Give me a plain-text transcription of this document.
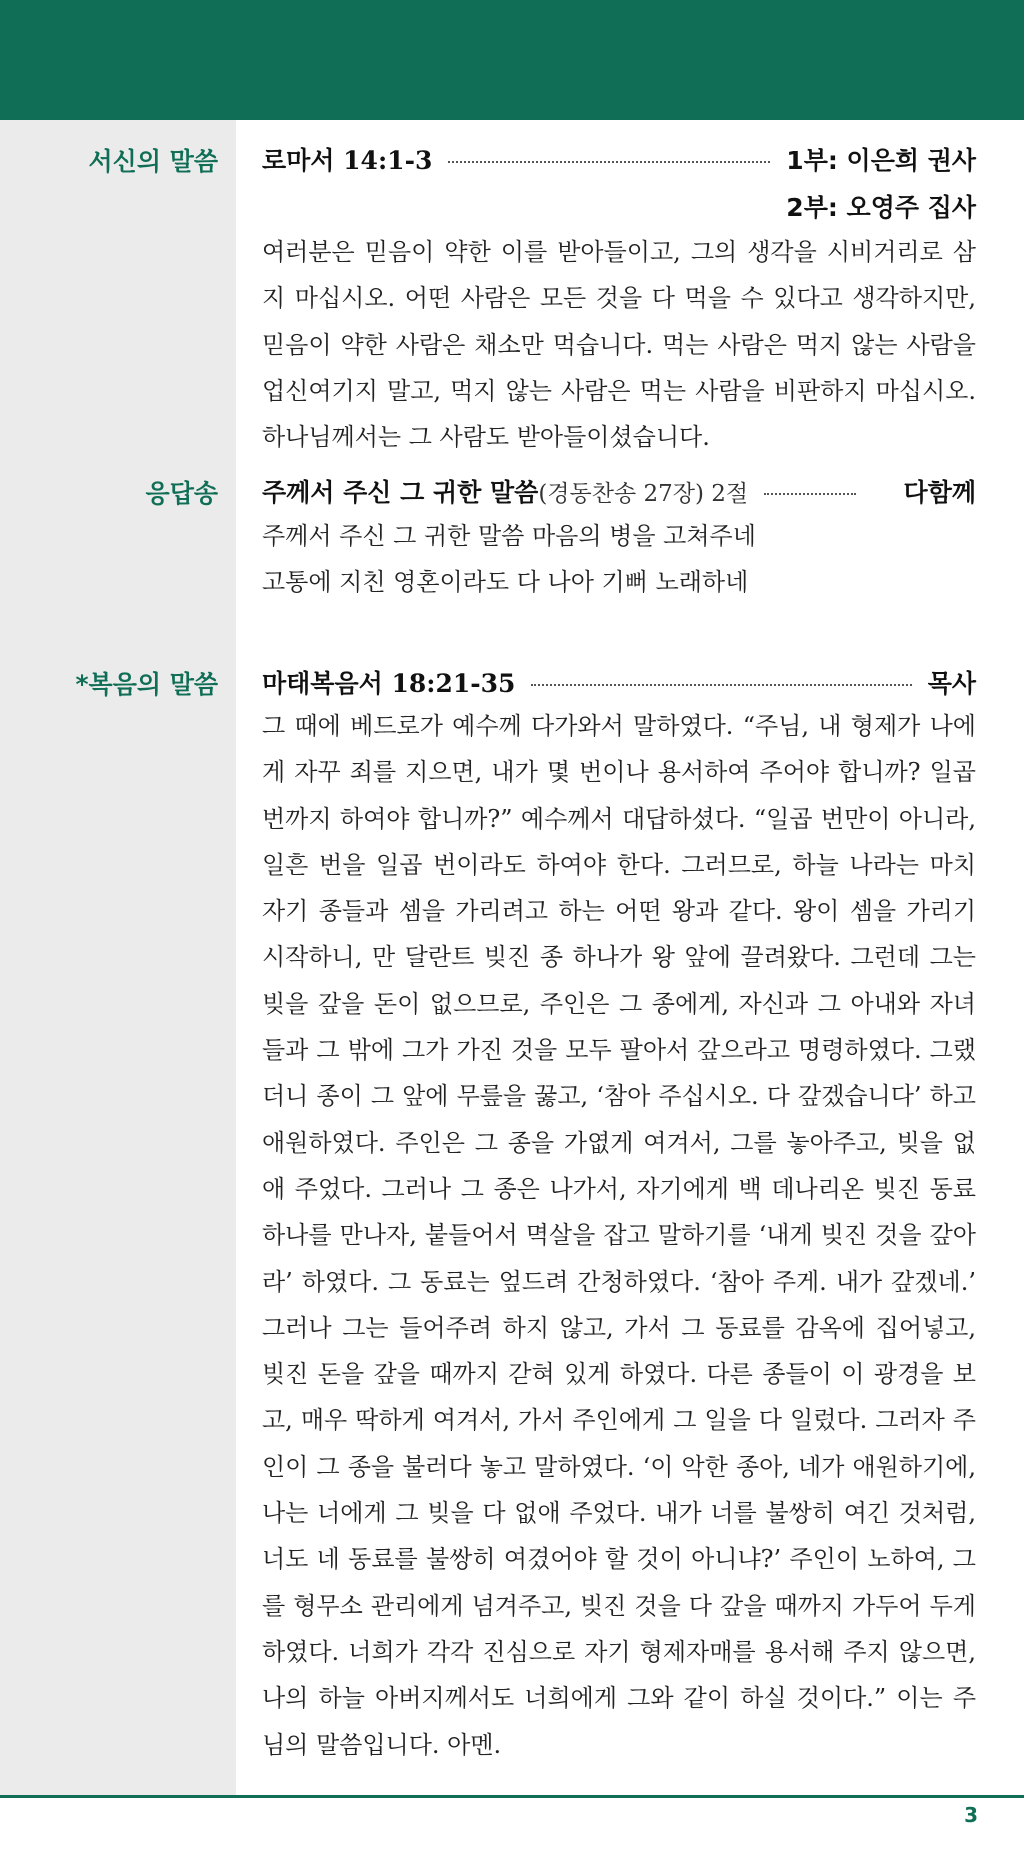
서신의 말씀 로마서 14:1-3	1부: 이은희 권사
2부: 오영주 집사
여러분은 믿음이 약한 이를 받아들이고, 그의 생각을 시비거리로 삼
지 마십시오. 어떤 사람은 모든 것을 다 먹을 수 있다고 생각하지만,
믿음이 약한 사람은 채소만 먹습니다. 먹는 사람은 먹지 않는 사람을
업신여기지 말고, 먹지 않는 사람은 먹는 사람을 비판하지 마십시오.
하나님께서는 그 사람도 받아들이셨습니다.
응답송 주께서 주신 그 귀한 말씀 (경동찬송 27장) 2절	다함께
주께서 주신 그 귀한 말씀 마음의 병을 고쳐주네
고통에 지친 영혼이라도 다 나아 기뻐 노래하네
*복음의 말씀 마태복음서 18:21-35	목사
그 때에 베드로가 예수께 다가와서 말하였다. “주님, 내 형제가 나에
게 자꾸 죄를 지으면, 내가 몇 번이나 용서하여 주어야 합니까? 일곱
번까지 하여야 합니까?” 예수께서 대답하셨다. “일곱 번만이 아니라,
일흔 번을 일곱 번이라도 하여야 한다. 그러므로, 하늘 나라는 마치
자기 종들과 셈을 가리려고 하는 어떤 왕과 같다. 왕이 셈을 가리기
시작하니, 만 달란트 빚진 종 하나가 왕 앞에 끌려왔다. 그런데 그는
빚을 갚을 돈이 없으므로, 주인은 그 종에게, 자신과 그 아내와 자녀
들과 그 밖에 그가 가진 것을 모두 팔아서 갚으라고 명령하였다. 그랬
더니 종이 그 앞에 무릎을 꿇고, ‘참아 주십시오. 다 갚겠습니다’ 하고
애원하였다. 주인은 그 종을 가엾게 여겨서, 그를 놓아주고, 빚을 없
애 주었다. 그러나 그 종은 나가서, 자기에게 백 데나리온 빚진 동료
하나를 만나자, 붙들어서 멱살을 잡고 말하기를 ‘내게 빚진 것을 갚아
라’ 하였다. 그 동료는 엎드려 간청하였다. ‘참아 주게. 내가 갚겠네.’
그러나 그는 들어주려 하지 않고, 가서 그 동료를 감옥에 집어넣고,
빚진 돈을 갚을 때까지 갇혀 있게 하였다. 다른 종들이 이 광경을 보
고, 매우 딱하게 여겨서, 가서 주인에게 그 일을 다 일렀다. 그러자 주
인이 그 종을 불러다 놓고 말하였다. ‘이 악한 종아, 네가 애원하기에,
나는 너에게 그 빚을 다 없애 주었다. 내가 너를 불쌍히 여긴 것처럼,
너도 네 동료를 불쌍히 여겼어야 할 것이 아니냐?’ 주인이 노하여, 그
를 형무소 관리에게 넘겨주고, 빚진 것을 다 갚을 때까지 가두어 두게
하였다. 너희가 각각 진심으로 자기 형제자매를 용서해 주지 않으면,
나의 하늘 아버지께서도 너희에게 그와 같이 하실 것이다.” 이는 주
님의 말씀입니다. 아멘.
3
